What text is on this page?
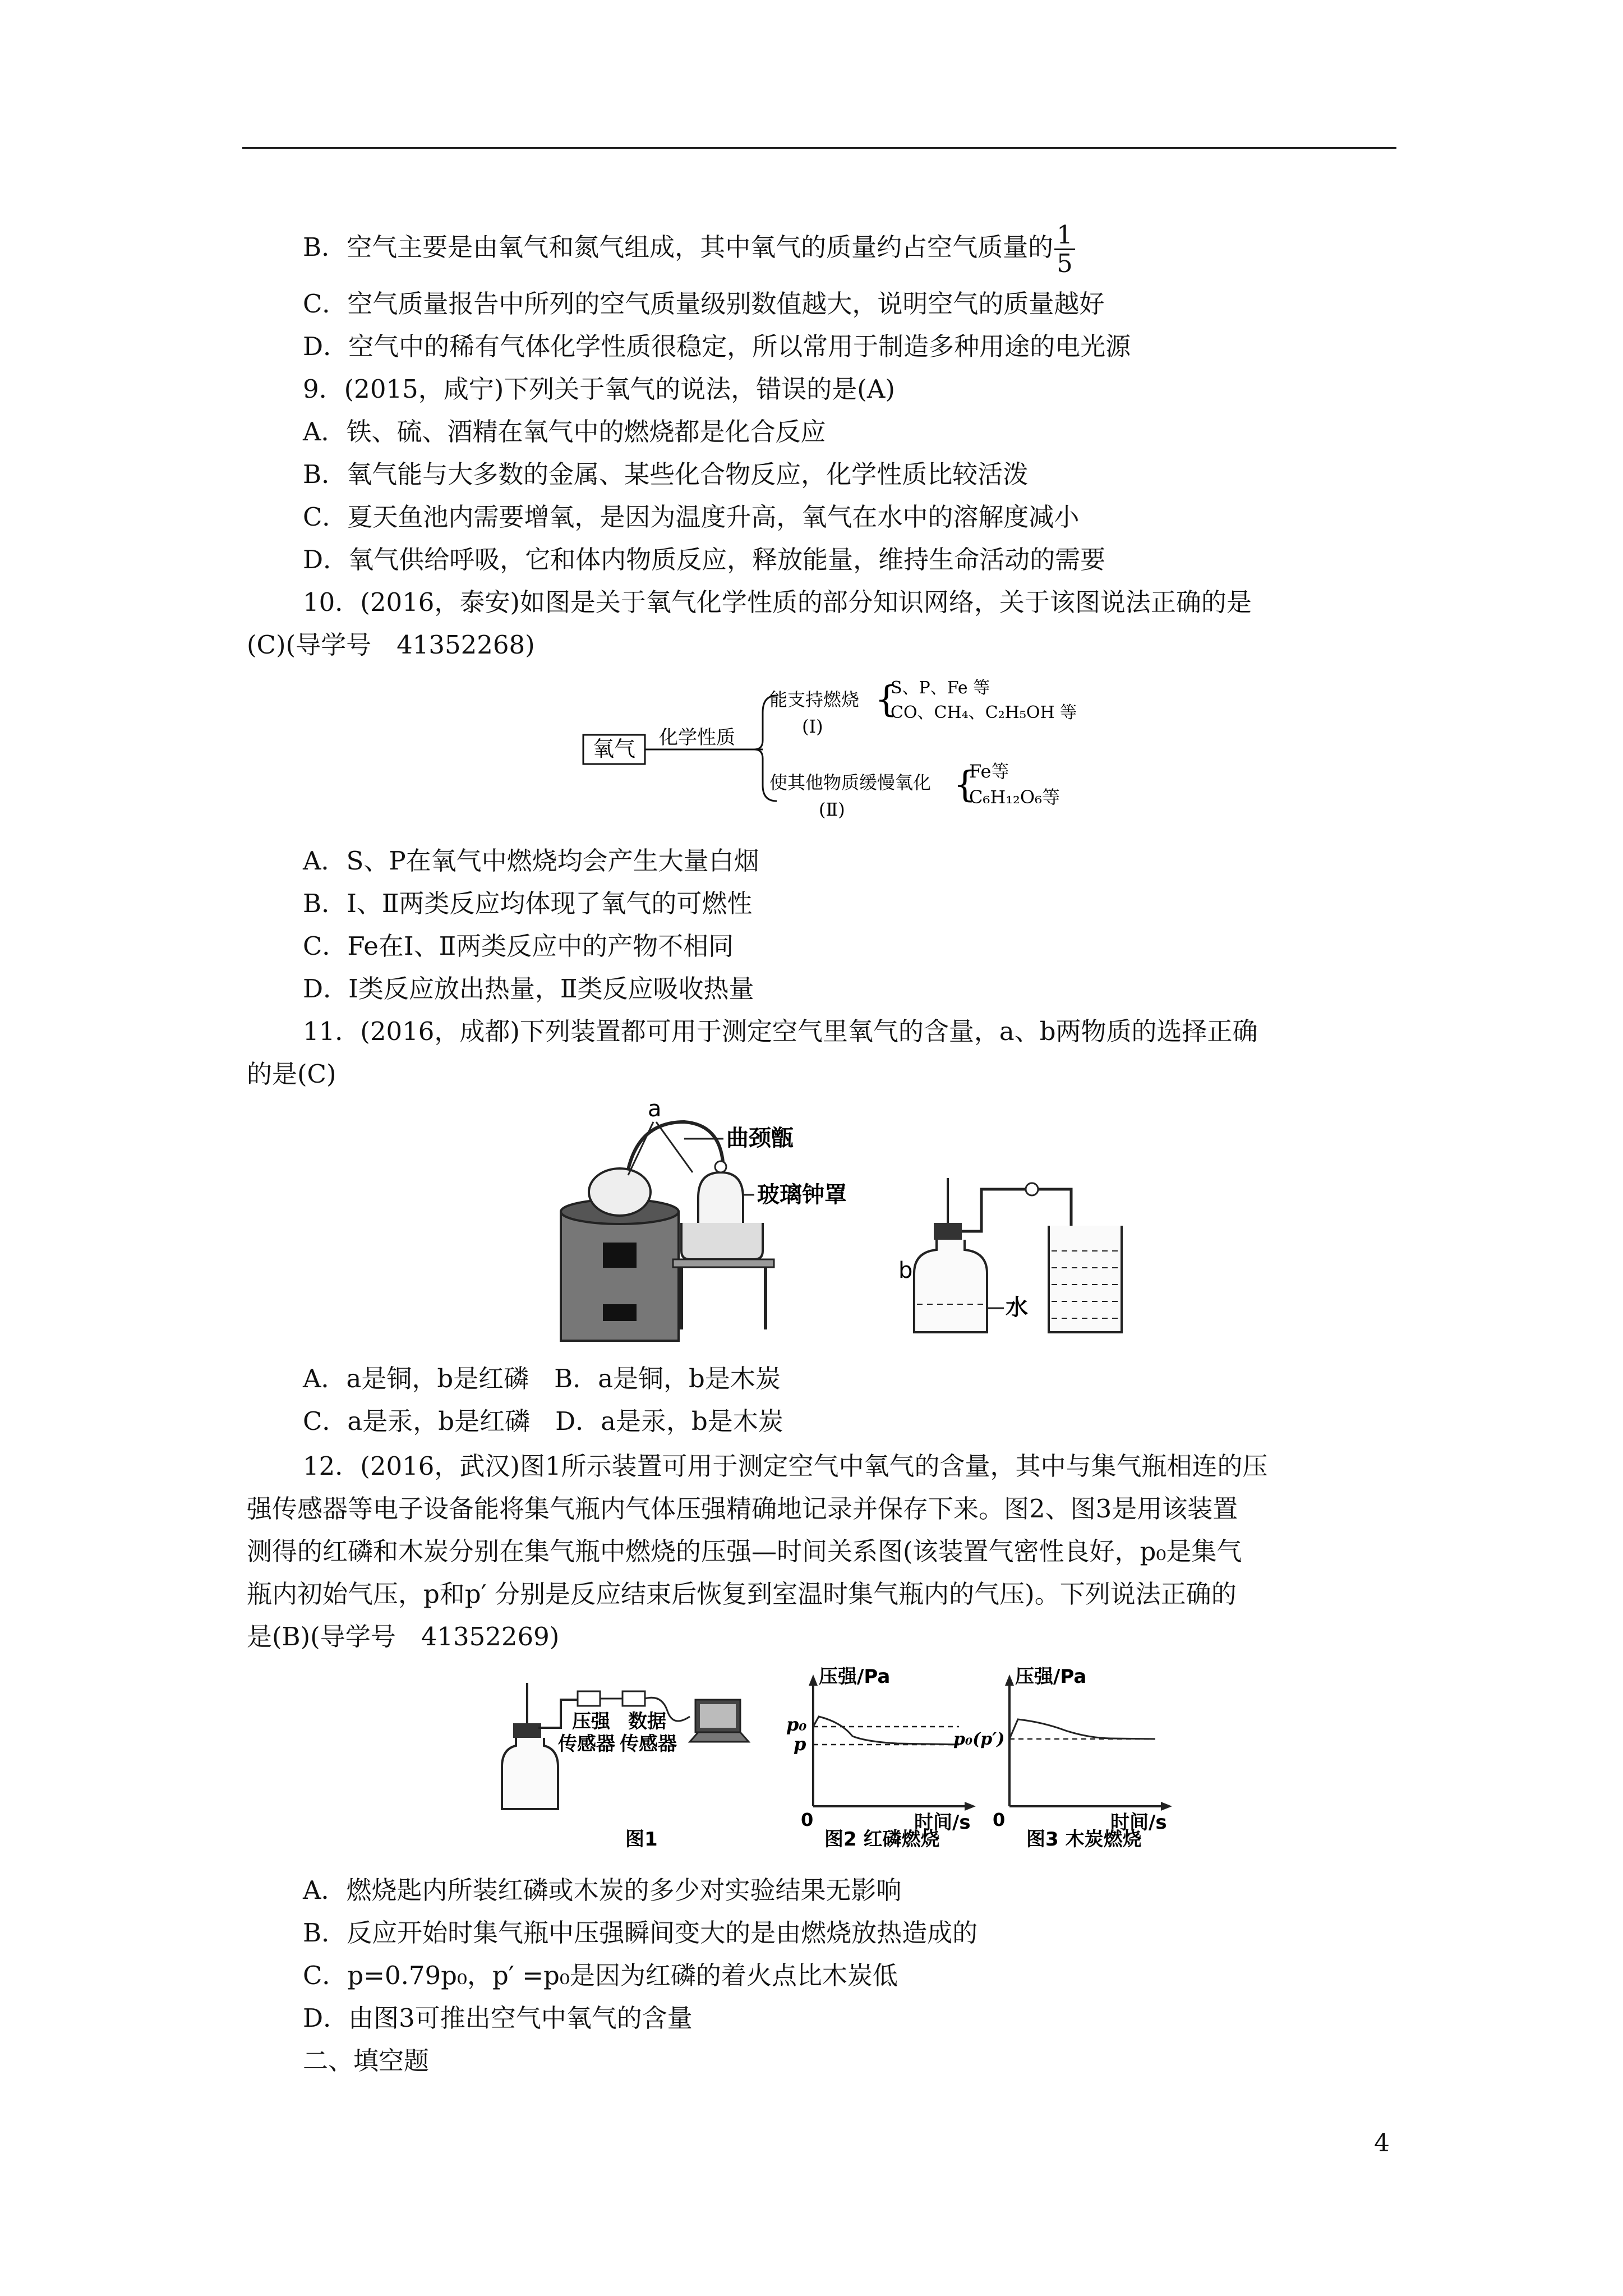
B．空气主要是由氧气和氮气组成，其中氧气的质量约占空气质量的 $\frac{1}{5}$
C．空气质量报告中所列的空气质量级别数值越大，说明空气的质量越好
D．空气中的稀有气体化学性质很稳定，所以常用于制造多种用途的电光源
9．(2015，咸宁)下列关于氧气的说法，错误的是(A)
A．铁、硫、酒精在氧气中的燃烧都是化合反应
B．氧气能与大多数的金属、某些化合物反应，化学性质比较活泼
C．夏天鱼池内需要增氧，是因为温度升高，氧气在水中的溶解度减小
D．氧气供给呼吸，它和体内物质反应，释放能量，维持生命活动的需要
10．(2016，泰安)如图是关于氧气化学性质的部分知识网络，关于该图说法正确的是
(C)(导学号　41352268)
氧气 化学性质
能支持燃烧
(Ⅰ)
{
S、P、Fe 等
CO、CH₄、C₂H₅OH 等
使其他物质缓慢氧化
(Ⅱ)
{
Fe等
C₆H₁₂O₆等
A．S、P在氧气中燃烧均会产生大量白烟
B．Ⅰ、Ⅱ两类反应均体现了氧气的可燃性
C．Fe在Ⅰ、Ⅱ两类反应中的产物不相同
D．Ⅰ类反应放出热量，Ⅱ类反应吸收热量
11．(2016，成都)下列装置都可用于测定空气里氧气的含量，a、b两物质的选择正确
的是(C)
a
曲颈甑
玻璃钟罩
b
水
A．a是铜，b是红磷　B．a是铜，b是木炭
C．a是汞，b是红磷　D．a是汞，b是木炭
12．(2016，武汉)图1所示装置可用于测定空气中氧气的含量，其中与集气瓶相连的压
强传感器等电子设备能将集气瓶内气体压强精确地记录并保存下来。图2、图3是用该装置
测得的红磷和木炭分别在集气瓶中燃烧的压强—时间关系图(该装置气密性良好，p₀是集气
瓶内初始气压，p和p′ 分别是反应结束后恢复到室温时集气瓶内的气压)。下列说法正确的
是(B)(导学号　41352269)
压强
传感器
数据
传感器
图1
压强/Pa
时间/s
0
p₀
p
图2 红磷燃烧
压强/Pa
时间/s
0
p₀(p′)
图3 木炭燃烧
A．燃烧匙内所装红磷或木炭的多少对实验结果无影响
B．反应开始时集气瓶中压强瞬间变大的是由燃烧放热造成的
C．p=0.79p₀，p′ =p₀是因为红磷的着火点比木炭低
D．由图3可推出空气中氧气的含量
二、填空题
4
